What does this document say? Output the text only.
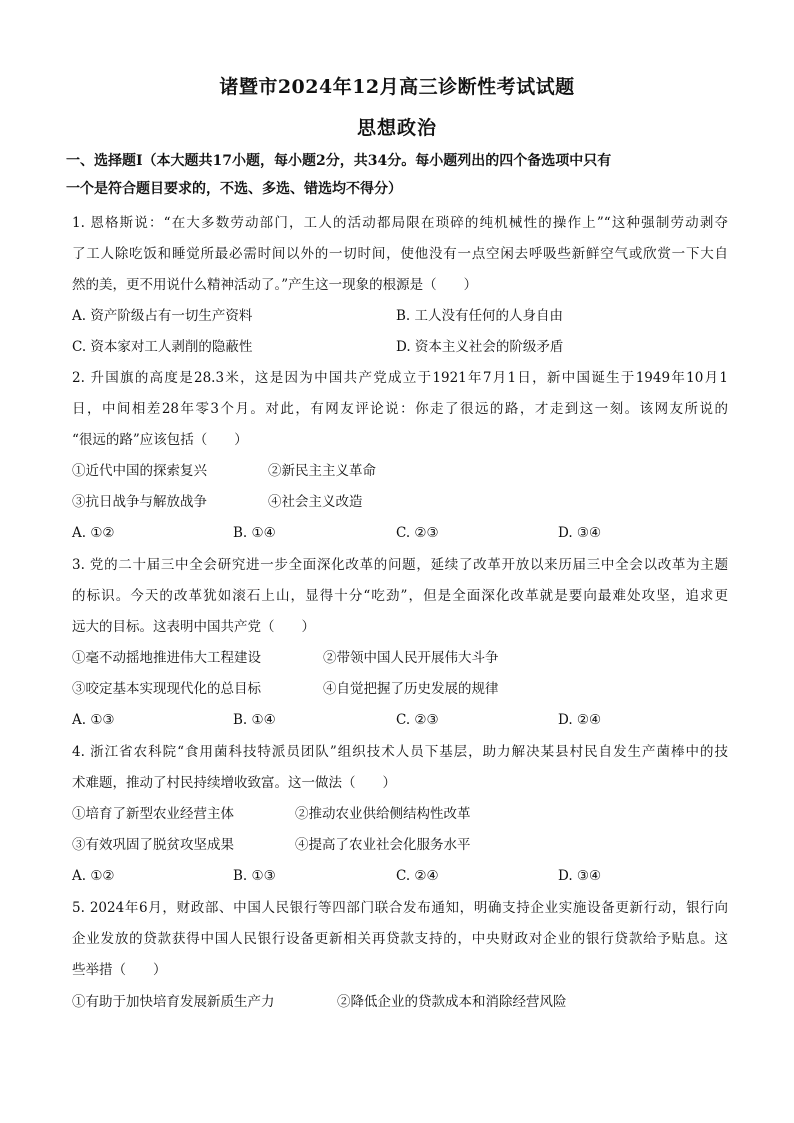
诸暨市2024年12月高三诊断性考试试题
思想政治
一、选择题Ⅰ（本大题共17小题，每小题2分，共34分。每小题列出的四个备选项中只有
一个是符合题目要求的，不选、多选、错选均不得分）
1. 恩格斯说：“在大多数劳动部门，工人的活动都局限在琐碎的纯机械性的操作上”“这种强制劳动剥夺
了工人除吃饭和睡觉所最必需时间以外的一切时间，使他没有一点空闲去呼吸些新鲜空气或欣赏一下大自
然的美，更不用说什么精神活动了。”产生这一现象的根源是（　　）
A. 资产阶级占有一切生产资料	B. 工人没有任何的人身自由
C. 资本家对工人剥削的隐蔽性	D. 资本主义社会的阶级矛盾
2. 升国旗的高度是28.3米，这是因为中国共产党成立于1921年7月1日，新中国诞生于1949年10月1
日，中间相差28年零3个月。对此，有网友评论说：你走了很远的路，才走到这一刻。该网友所说的
“很远的路”应该包括（　　）
①近代中国的探索复兴	②新民主主义革命
③抗日战争与解放战争	④社会主义改造
A. ①②	B. ①④	C. ②③	D. ③④
3. 党的二十届三中全会研究进一步全面深化改革的问题，延续了改革开放以来历届三中全会以改革为主题
的标识。今天的改革犹如滚石上山，显得十分“吃劲”，但是全面深化改革就是要向最难处攻坚，追求更
远大的目标。这表明中国共产党（　　）
①毫不动摇地推进伟大工程建设	②带领中国人民开展伟大斗争
③咬定基本实现现代化的总目标	④自觉把握了历史发展的规律
A. ①③	B. ①④	C. ②③	D. ②④
4. 浙江省农科院“食用菌科技特派员团队”组织技术人员下基层，助力解决某县村民自发生产菌棒中的技
术难题，推动了村民持续增收致富。这一做法（　　）
①培育了新型农业经营主体	②推动农业供给侧结构性改革
③有效巩固了脱贫攻坚成果	④提高了农业社会化服务水平
A. ①②	B. ①③	C. ②④	D. ③④
5. 2024年6月，财政部、中国人民银行等四部门联合发布通知，明确支持企业实施设备更新行动，银行向
企业发放的贷款获得中国人民银行设备更新相关再贷款支持的，中央财政对企业的银行贷款给予贴息。这
些举措（　　）
①有助于加快培育发展新质生产力	②降低企业的贷款成本和消除经营风险
